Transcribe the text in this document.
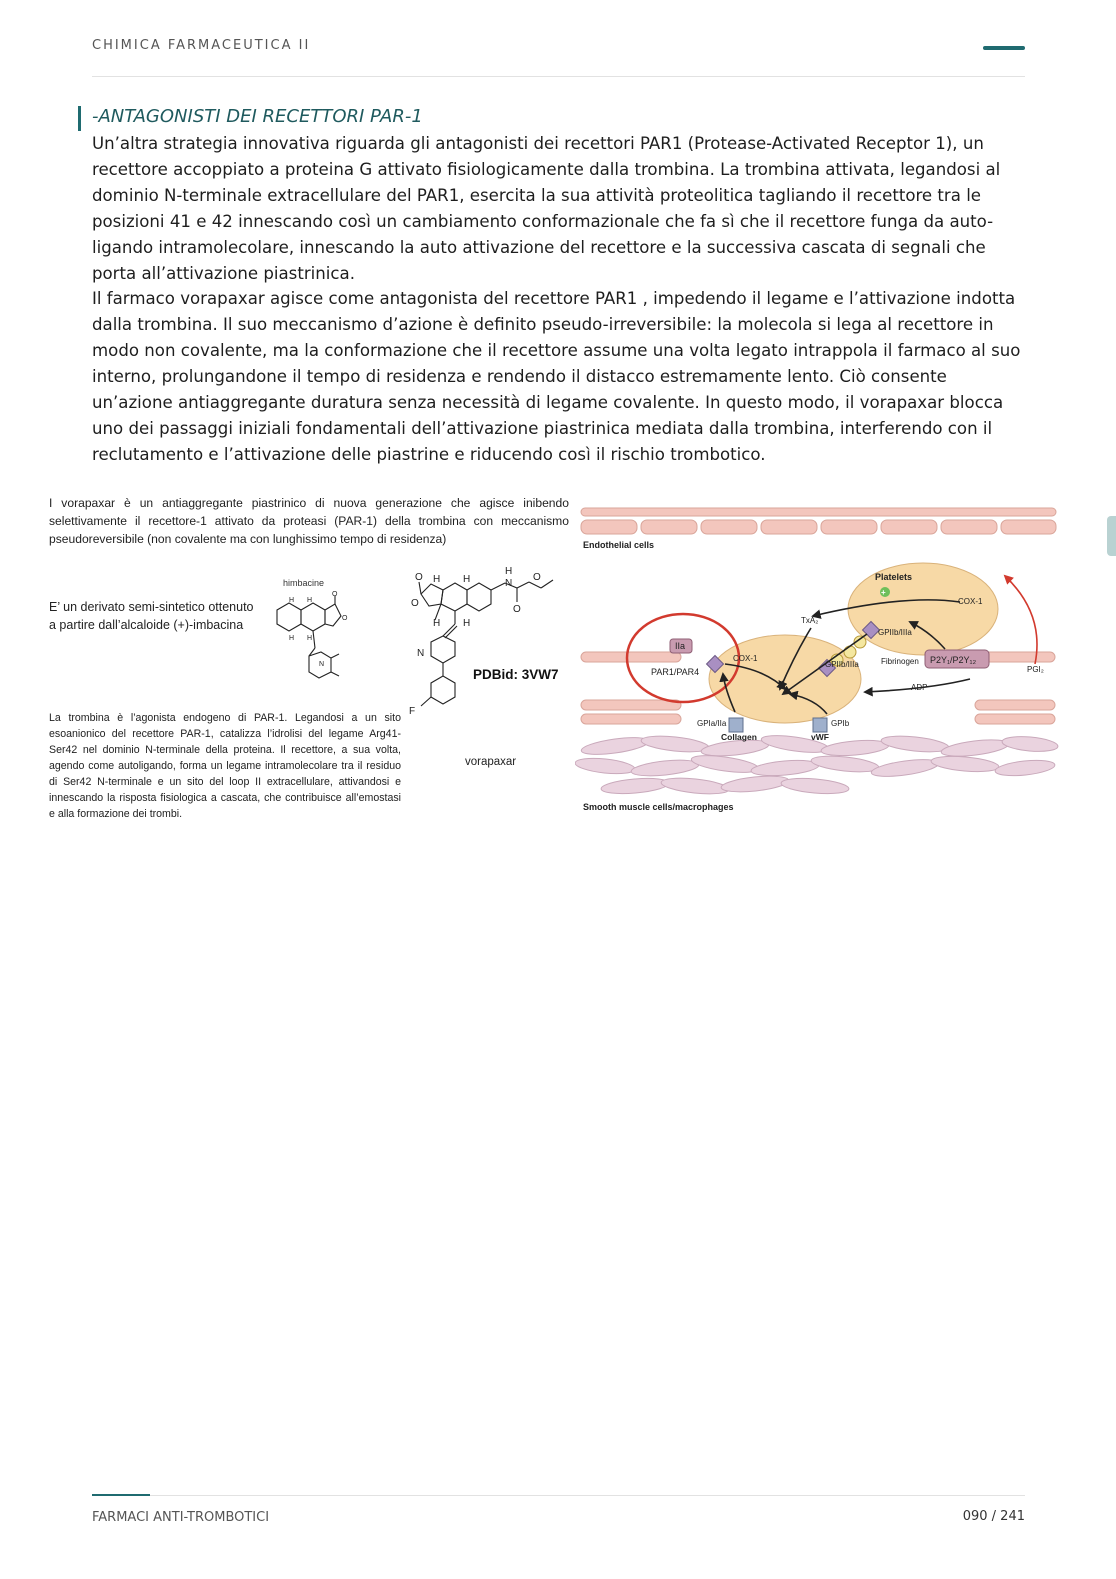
CHIMICA FARMACEUTICA II
-ANTAGONISTI DEI RECETTORI PAR-1

Un’altra strategia innovativa riguarda gli antagonisti dei recettori PAR1 (Protease-Activated Receptor 1), un recettore accoppiato a proteina G attivato fisiologicamente dalla trombina. La trombina attivata, legandosi al dominio N-terminale extracellulare del PAR1, esercita la sua attività proteolitica tagliando il recettore tra le posizioni 41 e 42 innescando così un cambiamento conformazionale che fa sì che il recettore funga da auto-ligando intramolecolare, innescando la auto attivazione del recettore e la successiva cascata di segnali che porta all’attivazione piastrinica.

Il farmaco vorapaxar agisce come antagonista del recettore PAR1 , impedendo il legame e l’attivazione indotta dalla trombina. Il suo meccanismo d’azione è definito pseudo-irreversibile: la molecola si lega al recettore in modo non covalente, ma la conformazione che il recettore assume una volta legato intrappola il farmaco al suo interno, prolungandone il tempo di residenza e rendendo il distacco estremamente lento. Ciò consente un’azione antiaggregante duratura senza necessità di legame covalente. In questo modo, il vorapaxar blocca uno dei passaggi iniziali fondamentali dell’attivazione piastrinica mediata dalla trombina, interferendo con il reclutamento e l’attivazione delle piastrine e riducendo così il rischio trombotico.

I vorapaxar è un antiaggregante piastrinico di nuova generazione che agisce inibendo selettivamente il recettore-1 attivato da proteasi (PAR-1) della trombina con meccanismo pseudoreversibile (non covalente ma con lunghissimo tempo di residenza)
himbacine
E’ un derivato semi-sintetico ottenuto a partire dall’alcaloide (+)-imbacina
La trombina è l’agonista endogeno di PAR-1. Legandosi a un sito esoanionico del recettore PAR-1, catalizza l’idrolisi del legame Arg41-Ser42 nel dominio N-terminale della proteina. Il recettore, a sua volta, agendo come autoligando, forma un legame intramolecolare tra il residuo di Ser42 N-terminale e un sito del loop II extracellulare, attivandosi e innescando la risposta fisiologica a cascata, che contribuisce all’emostasi e alla formazione dei trombi.
H H
O
O
H H
N
O
O
H H
H H
H
N
O
O
N
F
PDBid: 3VW7
vorapaxar
Endothelial cells
Smooth muscle cells/macrophages
Platelets
+
IIa
PAR1/PAR4
P2Y₁/P2Y₁₂
COX-1
TxA₂
GPIIb/IIIa
COX-1
GPIIb/IIIa	Fibrinogen
PGI₂
ADP
GPIa/IIa
Collagen
GPIb
vWF
FARMACI ANTI-TROMBOTICI	090 / 241
